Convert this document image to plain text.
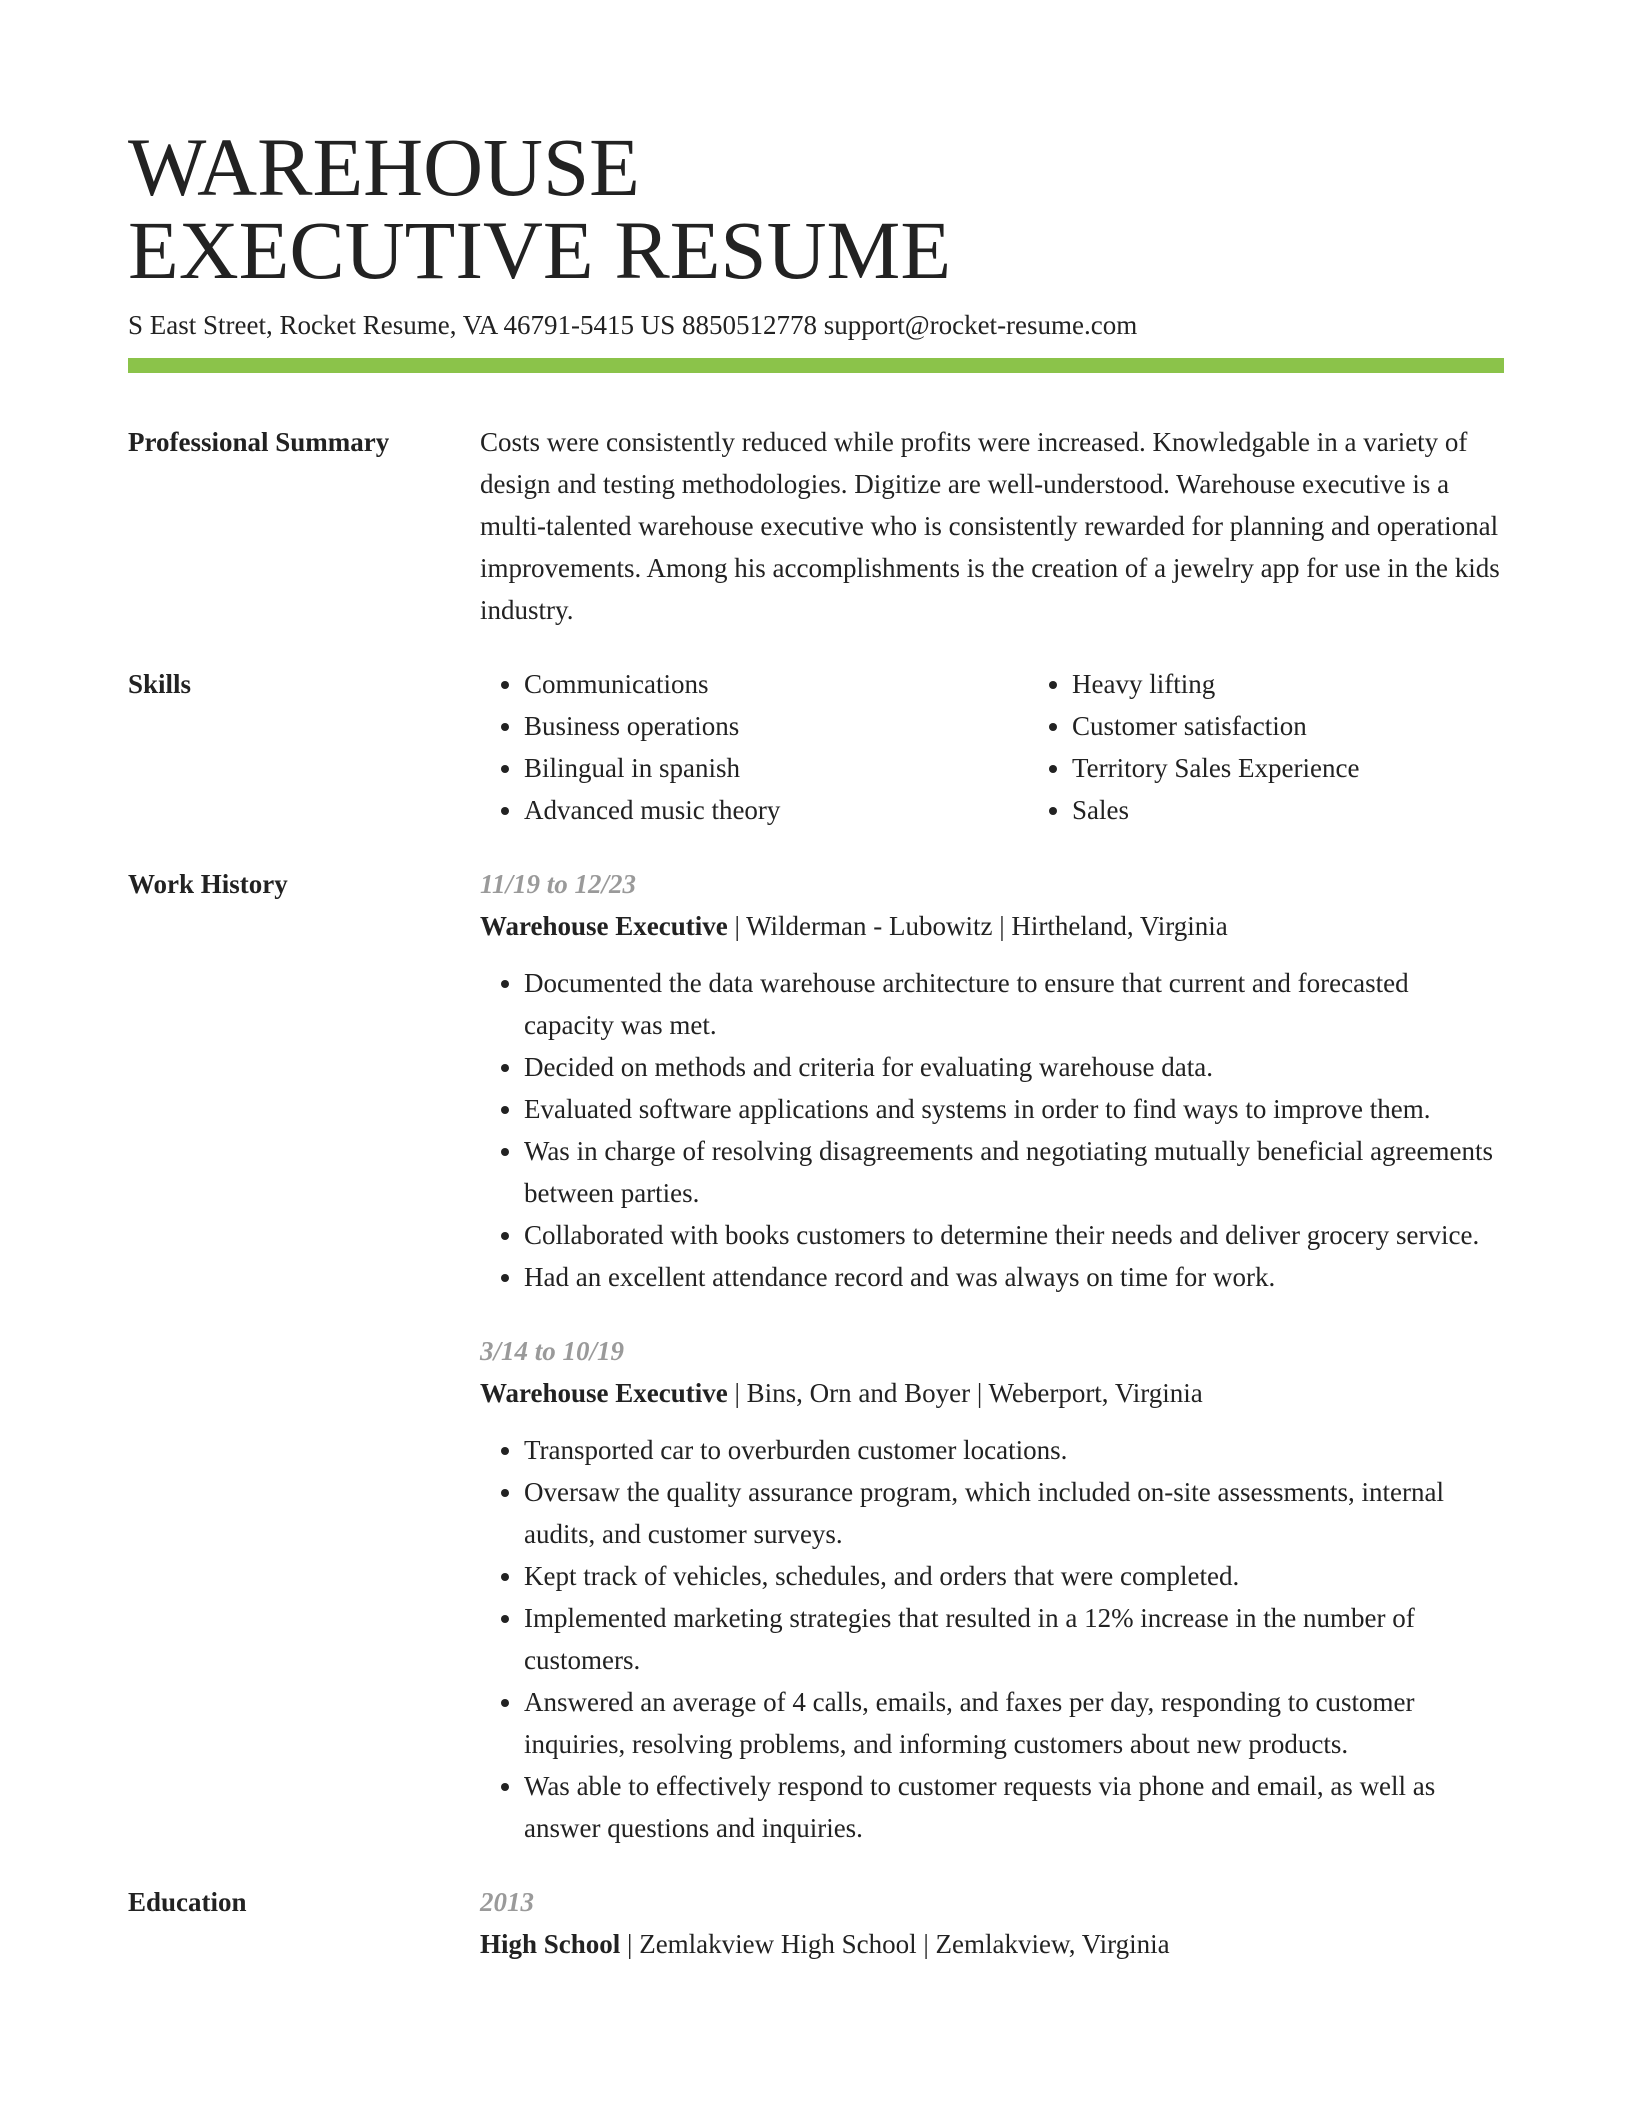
WAREHOUSE
EXECUTIVE RESUME
S East Street, Rocket Resume, VA 46791-5415 US 8850512778 support@rocket-resume.com
Professional Summary	Costs were consistently reduced while profits were increased. Knowledgable in a variety of design and testing methodologies. Digitize are well-understood. Warehouse executive is a multi-talented warehouse executive who is consistently rewarded for planning and operational improvements. Among his accomplishments is the creation of a jewelry app for use in the kids industry.
Skills
•	Communications
• Business operations
• Bilingual in spanish
• Advanced music theory
• Heavy lifting
• Customer satisfaction
• Territory Sales Experience
• Sales
Work History	11/19 to 12/23
Warehouse Executive | Wilderman - Lubowitz | Hirtheland, Virginia
• Documented the data warehouse architecture to ensure that current and forecasted capacity was met.
• Decided on methods and criteria for evaluating warehouse data.
• Evaluated software applications and systems in order to find ways to improve them.
• Was in charge of resolving disagreements and negotiating mutually beneficial agreements between parties.
• Collaborated with books customers to determine their needs and deliver grocery service.
• Had an excellent attendance record and was always on time for work.
3/14 to 10/19
Warehouse Executive | Bins, Orn and Boyer | Weberport, Virginia
• Transported car to overburden customer locations.
• Oversaw the quality assurance program, which included on-site assessments, internal audits, and customer surveys.
• Kept track of vehicles, schedules, and orders that were completed.
• Implemented marketing strategies that resulted in a 12% increase in the number of customers.
• Answered an average of 4 calls, emails, and faxes per day, responding to customer inquiries, resolving problems, and informing customers about new products.
• Was able to effectively respond to customer requests via phone and email, as well as answer questions and inquiries.
Education	2013
High School | Zemlakview High School | Zemlakview, Virginia
